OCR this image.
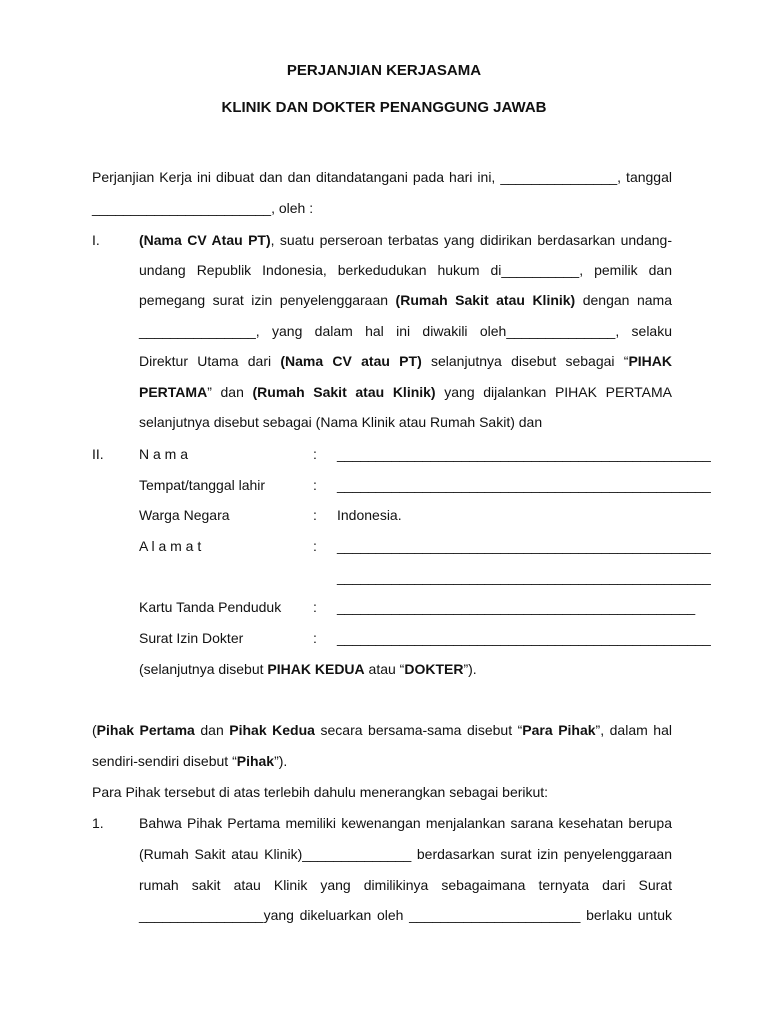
PERJANJIAN KERJASAMA
KLINIK DAN DOKTER PENANGGUNG JAWAB
Perjanjian Kerja ini dibuat dan dan ditandatangani pada hari ini, _______________, tanggal
_______________________, oleh :
I.	(Nama CV Atau PT), suatu perseroan terbatas yang didirikan berdasarkan undang-
undang Republik Indonesia, berkedudukan hukum di__________, pemilik dan
pemegang surat izin penyelenggaraan (Rumah Sakit atau Klinik) dengan nama
_______________, yang dalam hal ini diwakili oleh______________, selaku
Direktur Utama dari (Nama CV atau PT) selanjutnya disebut sebagai “PIHAK
PERTAMA” dan (Rumah Sakit atau Klinik) yang dijalankan PIHAK PERTAMA
selanjutnya disebut sebagai (Nama Klinik atau Rumah Sakit) dan
II.	N a m a	: ________________________________________________
Tempat/tanggal lahir	: ________________________________________________
Warga Negara	: Indonesia.
A l a m a t	: ________________________________________________
________________________________________________
Kartu Tanda Penduduk : ______________________________________________
Surat Izin Dokter	: ________________________________________________
(selanjutnya disebut PIHAK KEDUA atau “DOKTER”).
(Pihak Pertama dan Pihak Kedua secara bersama-sama disebut “Para Pihak”, dalam hal
sendiri-sendiri disebut “Pihak”).
Para Pihak tersebut di atas terlebih dahulu menerangkan sebagai berikut:
1.	Bahwa Pihak Pertama memiliki kewenangan menjalankan sarana kesehatan berupa
(Rumah Sakit atau Klinik)______________ berdasarkan surat izin penyelenggaraan
rumah sakit atau Klinik yang dimilikinya sebagaimana ternyata dari Surat
________________yang dikeluarkan oleh ______________________ berlaku untuk
